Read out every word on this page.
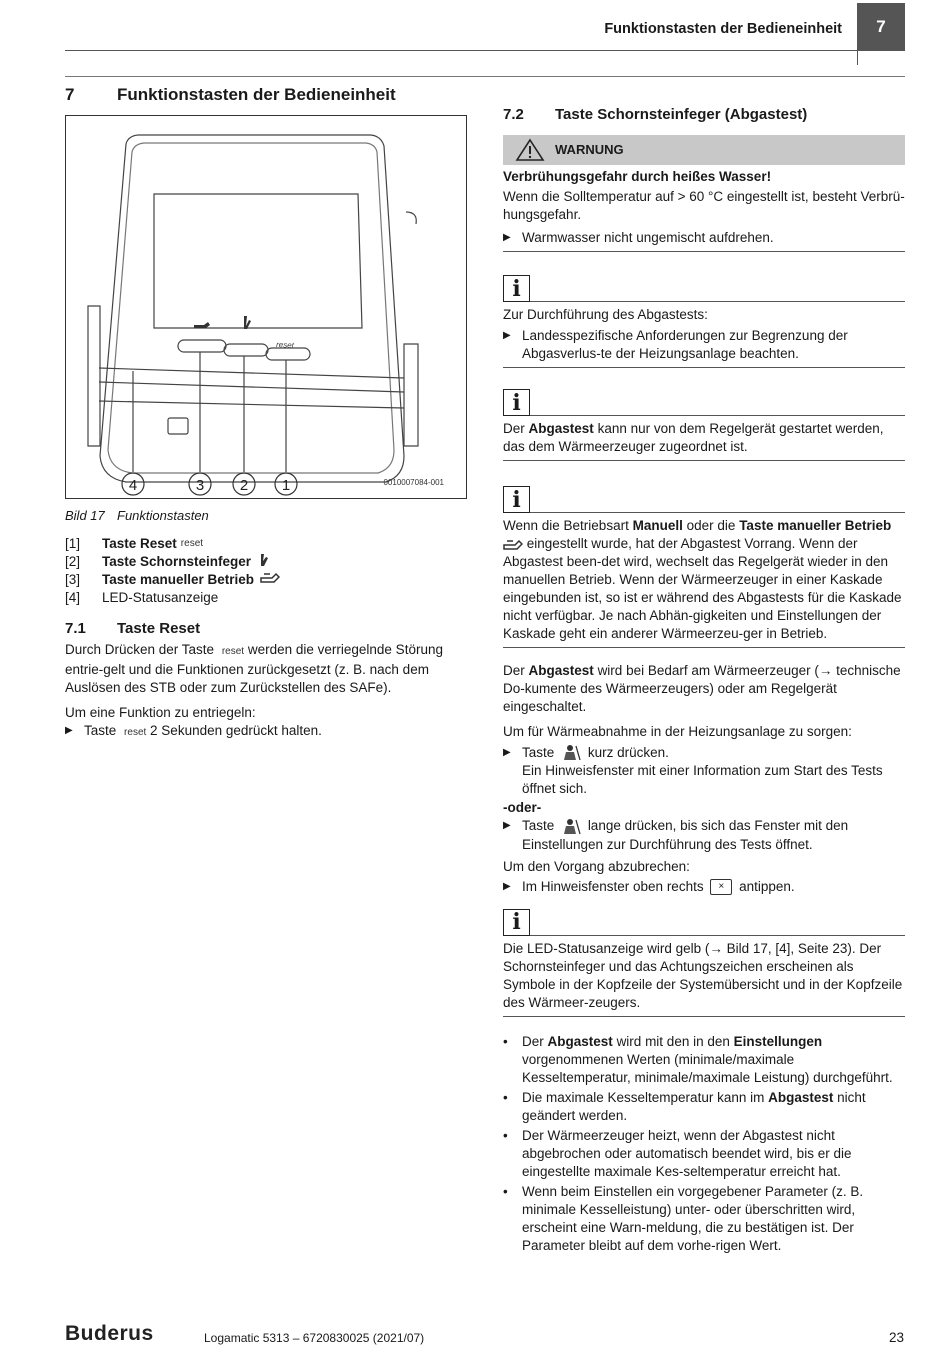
Funktionstasten der Bedieneinheit	7
7	Funktionstasten der Bedieneinheit
reset
4	3 2 1	0010007084-001
Bild 17 Funktionstasten
[1]	Taste Reset reset
[2]	Taste Schornsteinfeger
[3]	Taste manueller Betrieb
[4]	LED-Statusanzeige
7.1	Taste Reset

Durch Drücken der Taste reset werden die verriegelnde Störung entrie-gelt und die Funktionen zurückgesetzt (z. B. nach dem Auslösen des STB oder zum Zurückstellen des SAFe).

Um eine Funktion zu entriegeln:

▶ Taste reset 2 Sekunden gedrückt halten.
7.2	Taste Schornsteinfeger (Abgastest)
WARNUNG

Verbrühungsgefahr durch heißes Wasser!

Wenn die Solltemperatur auf > 60 °C eingestellt ist, besteht Verbrü-hungsgefahr.

▶ Warmwasser nicht ungemischt aufdrehen.
i

Zur Durchführung des Abgastests:

▶ Landesspezifische Anforderungen zur Begrenzung der Abgasverlus-te der Heizungsanlage beachten.
i

Der Abgastest kann nur von dem Regelgerät gestartet werden, das dem Wärmeerzeuger zugeordnet ist.

i

Wenn die Betriebsart Manuell oder die Taste manueller Betrieb  eingestellt wurde, hat der Abgastest Vorrang. Wenn der Abgastest been-det wird, wechselt das Regelgerät wieder in den manuellen Betrieb. Wenn der Wärmeerzeuger in einer Kaskade eingebunden ist, so ist er während des Abgastests für die Kaskade nicht verfügbar. Je nach Abhän-gigkeiten und Einstellungen der Kaskade geht ein anderer Wärmeerzeu-ger in Betrieb.

Der Abgastest wird bei Bedarf am Wärmeerzeuger (→ technische Do-kumente des Wärmeerzeugers) oder am Regelgerät eingeschaltet.

Um für Wärmeabnahme in der Heizungsanlage zu sorgen:

▶ Taste kurz drücken.
Ein Hinweisfenster mit einer Information zum Start des Tests öffnet sich.

-oder-

▶ Taste lange drücken, bis sich das Fenster mit den Einstellungen zur Durchführung des Tests öffnet.

Um den Vorgang abzubrechen:

▶ Im Hinweisfenster oben rechts × antippen.
i

Die LED-Statusanzeige wird gelb (→ Bild 17, [4], Seite 23). Der Schornsteinfeger und das Achtungszeichen erscheinen als Symbole in der Kopfzeile der Systemübersicht und in der Kopfzeile des Wärmeer-zeugers.

•	Der Abgastest wird mit den in den Einstellungen vorgenommenen Werten (minimale/maximale Kesseltemperatur, minimale/maximale Leistung) durchgeführt.
•	Die maximale Kesseltemperatur kann im Abgastest nicht geändert werden.
•	Der Wärmeerzeuger heizt, wenn der Abgastest nicht abgebrochen oder automatisch beendet wird, bis er die eingestellte maximale Kes-seltemperatur erreicht hat.
•	Wenn beim Einstellen ein vorgegebener Parameter (z. B. minimale Kesselleistung) unter- oder überschritten wird, erscheint eine Warn-meldung, die zu bestätigen ist. Der Parameter bleibt auf dem vorhe-rigen Wert.
Buderus	Logamatic 5313 – 6720830025 (2021/07)	23
